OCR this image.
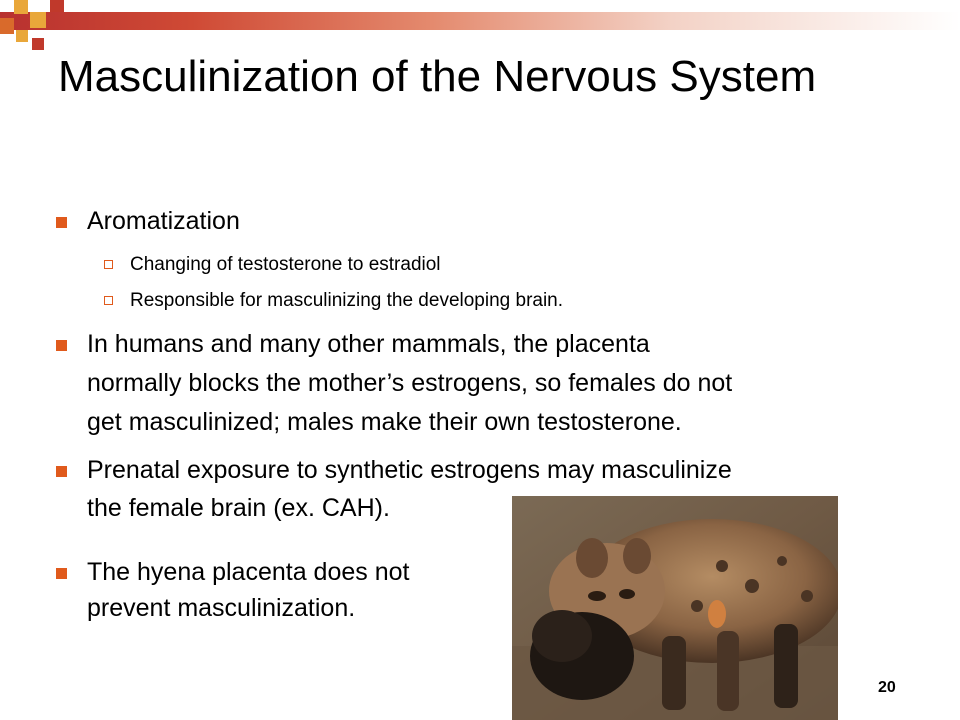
Masculinization of the Nervous System
Aromatization
Changing of testosterone to estradiol
Responsible for masculinizing the developing brain.
In humans and many other mammals, the placenta
normally blocks the mother’s estrogens, so females do not
get masculinized; males make their own testosterone.
Prenatal exposure to synthetic estrogens may masculinize
the female brain (ex. CAH).
The hyena placenta does not
prevent masculinization.
20
